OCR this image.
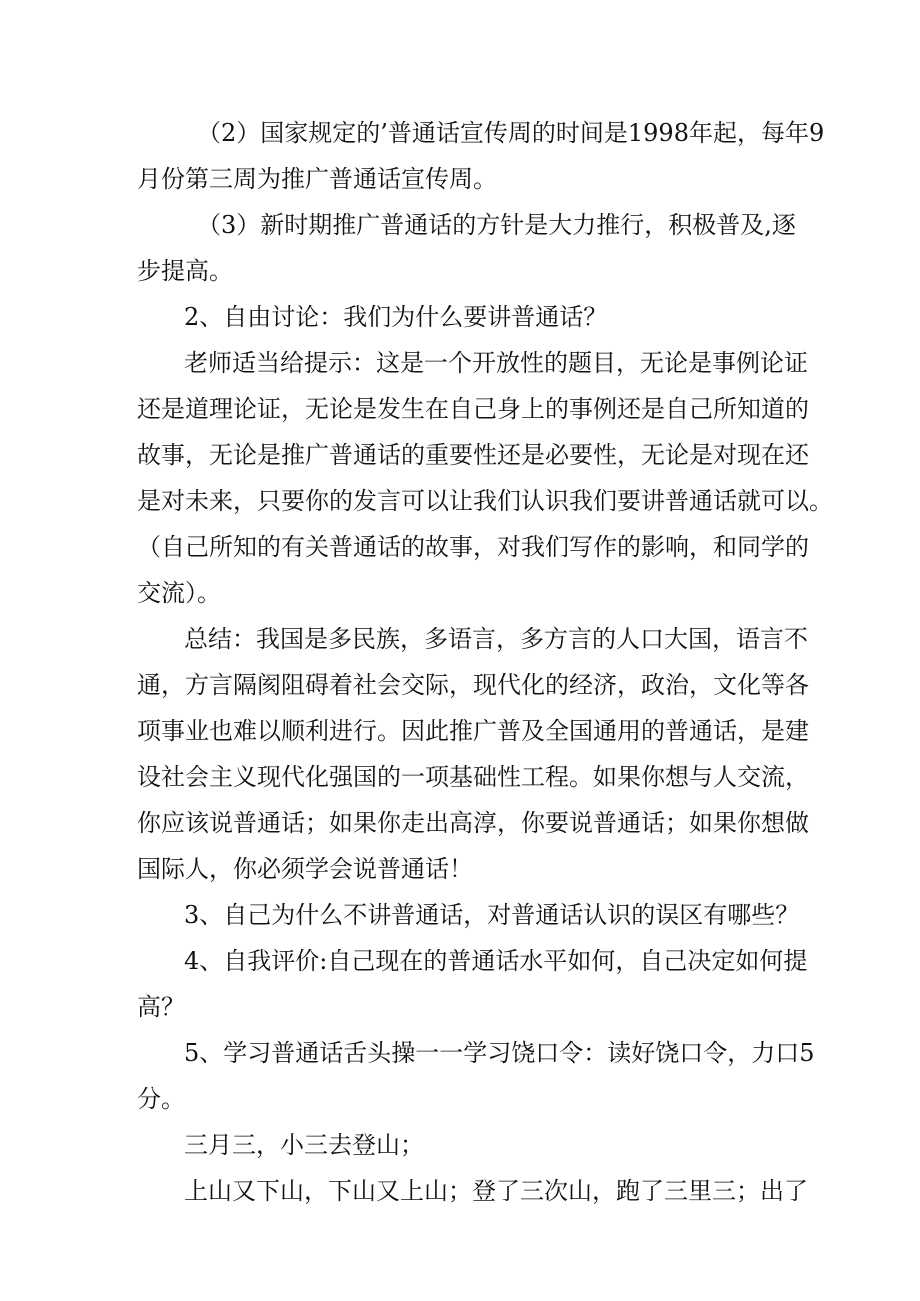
（2）国家规定的’普通话宣传周的时间是1998年起，每年9
月份第三周为推广普通话宣传周。
（3）新时期推广普通话的方针是大力推行，积极普及,逐
步提高。
2、自由讨论：我们为什么要讲普通话？
老师适当给提示：这是一个开放性的题目，无论是事例论证
还是道理论证，无论是发生在自己身上的事例还是自己所知道的
故事，无论是推广普通话的重要性还是必要性，无论是对现在还
是对未来，只要你的发言可以让我们认识我们要讲普通话就可以。
（自己所知的有关普通话的故事，对我们写作的影响，和同学的
交流）。
总结：我国是多民族，多语言，多方言的人口大国，语言不
通，方言隔阂阻碍着社会交际，现代化的经济，政治，文化等各
项事业也难以顺利进行。因此推广普及全国通用的普通话，是建
设社会主义现代化强国的一项基础性工程。如果你想与人交流，
你应该说普通话；如果你走出高淳，你要说普通话；如果你想做
国际人，你必须学会说普通话！
3、自己为什么不讲普通话，对普通话认识的误区有哪些？
4、自我评价:自己现在的普通话水平如何，自己决定如何提
高？
5、学习普通话舌头操一一学习饶口令：读好饶口令，力口5
分。
三月三，小三去登山；
上山又下山，下山又上山；登了三次山，跑了三里三；出了
